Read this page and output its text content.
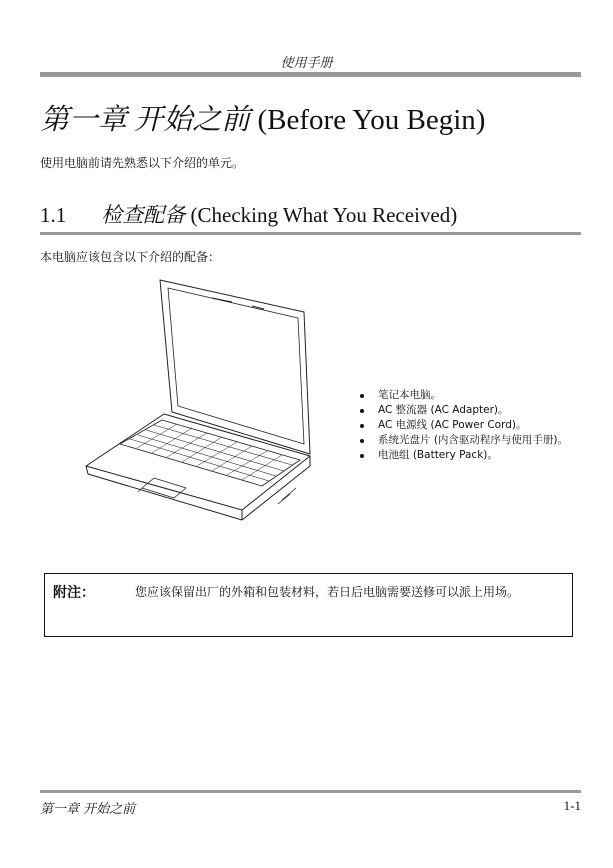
使用手册
第一章 开始之前 (Before You Begin)
使用电脑前请先熟悉以下介绍的单元。
1.1 检查配备 (Checking What You Received)
本电脑应该包含以下介绍的配备：
笔记本电脑。
AC 整流器 (AC Adapter)。
AC 电源线 (AC Power Cord)。
系统光盘片 (内含驱动程序与使用手册)。
电池组 (Battery Pack)。
附注：	您应该保留出厂的外箱和包装材料，若日后电脑需要送修可以派上用场。
第一章 开始之前	1-1
